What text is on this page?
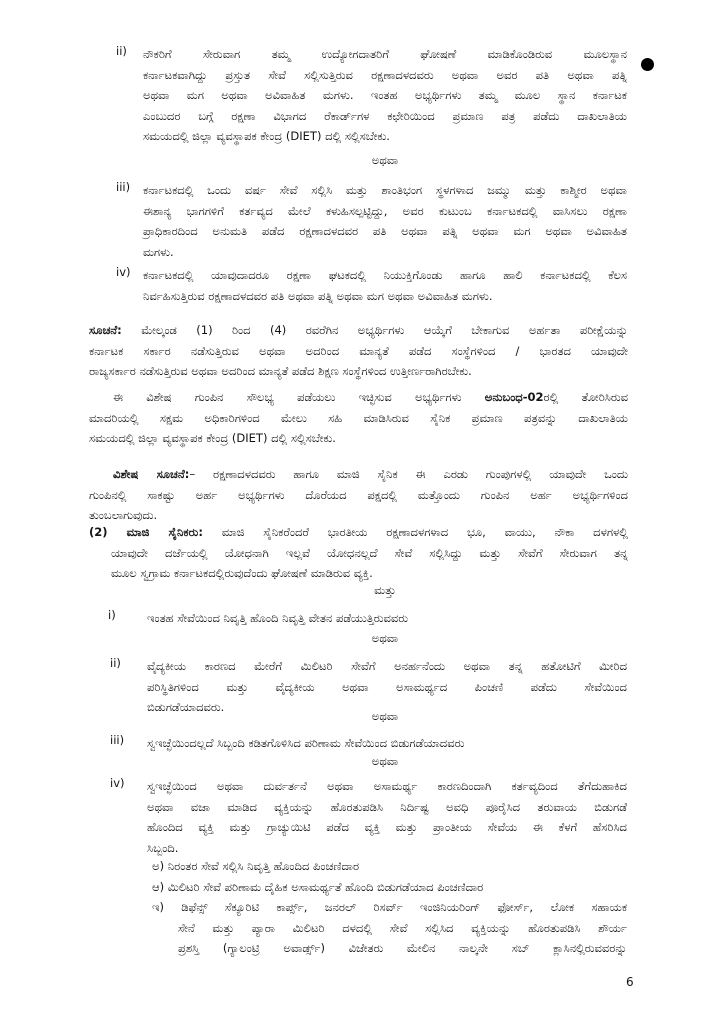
ii) ನೌಕರಿಗೆ ಸೇರುವಾಗ ತಮ್ಮ ಉದ್ಯೋಗದಾತರಿಗೆ ಘೋಷಣೆ ಮಾಡಿಕೊಂಡಿರುವ ಮೂಲಸ್ಥಾನ
ಕರ್ನಾಟಕವಾಗಿದ್ದು ಪ್ರಸ್ತುತ ಸೇವೆ ಸಲ್ಲಿಸುತ್ತಿರುವ ರಕ್ಷಣಾದಳದವರು ಅಥವಾ ಅವರ ಪತಿ ಅಥವಾ ಪತ್ನಿ
ಅಥವಾ ಮಗ ಅಥವಾ ಅವಿವಾಹಿತ ಮಗಳು. ಇಂತಹ ಅಭ್ಯರ್ಥಿಗಳು ತಮ್ಮ ಮೂಲ ಸ್ಥಾನ ಕರ್ನಾಟಕ
ಎಂಬುದರ ಬಗ್ಗೆ ರಕ್ಷಣಾ ವಿಭಾಗದ ರೆಕಾರ್ಡ್‌ಗಳ ಕಛೇರಿಯಿಂದ ಪ್ರಮಾಣ ಪತ್ರ ಪಡೆದು ದಾಖಲಾತಿಯ
ಸಮಯದಲ್ಲಿ ಜಿಲ್ಲಾ ವ್ಯವಸ್ಥಾಪಕ ಕೇಂದ್ರ (DIET) ದಲ್ಲಿ ಸಲ್ಲಿಸಬೇಕು.
ಅಥವಾ
iii) ಕರ್ನಾಟಕದಲ್ಲಿ ಒಂದು ವರ್ಷ ಸೇವೆ ಸಲ್ಲಿಸಿ ಮತ್ತು ಶಾಂತಿಭಂಗ ಸ್ಥಳಗಳಾದ ಜಮ್ಮು ಮತ್ತು ಕಾಶ್ಮೀರ ಅಥವಾ
ಈಶಾನ್ಯ ಭಾಗಗಳಿಗೆ ಕರ್ತವ್ಯದ ಮೇಲೆ ಕಳುಹಿಸಲ್ಪಟ್ಟಿದ್ದು, ಅವರ ಕುಟುಂಬ ಕರ್ನಾಟಕದಲ್ಲಿ ವಾಸಿಸಲು ರಕ್ಷಣಾ
ಪ್ರಾಧಿಕಾರದಿಂದ ಅನುಮತಿ ಪಡೆದ ರಕ್ಷಣಾದಳದವರ ಪತಿ ಅಥವಾ ಪತ್ನಿ ಅಥವಾ ಮಗ ಅಥವಾ ಅವಿವಾಹಿತ
ಮಗಳು.
iv) ಕರ್ನಾಟಕದಲ್ಲಿ ಯಾವುದಾದರೂ ರಕ್ಷಣಾ ಘಟಕದಲ್ಲಿ ನಿಯುಕ್ತಿಗೊಂಡು ಹಾಗೂ ಹಾಲಿ ಕರ್ನಾಟಕದಲ್ಲಿ ಕೆಲಸ
ನಿರ್ವಹಿಸುತ್ತಿರುವ ರಕ್ಷಣಾದಳದವರ ಪತಿ ಅಥವಾ ಪತ್ನಿ ಅಥವಾ ಮಗ ಅಥವಾ ಅವಿವಾಹಿತ ಮಗಳು.
ಸೂಚನೆ: ಮೇಲ್ಕಂಡ (1) ರಿಂದ (4) ರವರೆಗಿನ ಅಭ್ಯರ್ಥಿಗಳು ಆಯ್ಕೆಗೆ ಬೇಕಾಗುವ ಅರ್ಹತಾ ಪರೀಕ್ಷೆಯನ್ನು
ಕರ್ನಾಟಕ ಸರ್ಕಾರ ನಡೆಸುತ್ತಿರುವ ಅಥವಾ ಅದರಿಂದ ಮಾನ್ಯತೆ ಪಡೆದ ಸಂಸ್ಥೆಗಳಿಂದ / ಭಾರತದ ಯಾವುದೇ
ರಾಜ್ಯಸರ್ಕಾರ ನಡೆಸುತ್ತಿರುವ ಅಥವಾ ಅದರಿಂದ ಮಾನ್ಯತೆ ಪಡೆದ ಶಿಕ್ಷಣ ಸಂಸ್ಥೆಗಳಿಂದ ಉತ್ತೀರ್ಣರಾಗಿರಬೇಕು.
ಈ ವಿಶೇಷ ಗುಂಪಿನ ಸೌಲಭ್ಯ ಪಡೆಯಲು ಇಚ್ಛಿಸುವ ಅಭ್ಯರ್ಥಿಗಳು ಅನುಬಂಧ-02ರಲ್ಲಿ ತೋರಿಸಿರುವ
ಮಾದರಿಯಲ್ಲಿ ಸಕ್ಷಮ ಅಧಿಕಾರಿಗಳಿಂದ ಮೇಲು ಸಹಿ ಮಾಡಿಸಿರುವ ಸೈನಿಕ ಪ್ರಮಾಣ ಪತ್ರವನ್ನು ದಾಖಲಾತಿಯ
ಸಮಯದಲ್ಲಿ ಜಿಲ್ಲಾ ವ್ಯವಸ್ಥಾಪಕ ಕೇಂದ್ರ (DIET) ದಲ್ಲಿ ಸಲ್ಲಿಸಬೇಕು.
ವಿಶೇಷ ಸೂಚನೆ:– ರಕ್ಷಣಾದಳದವರು ಹಾಗೂ ಮಾಜಿ ಸೈನಿಕ ಈ ಎರಡು ಗುಂಪುಗಳಲ್ಲಿ ಯಾವುದೇ ಒಂದು
ಗುಂಪಿನಲ್ಲಿ ಸಾಕಷ್ಟು ಅರ್ಹ ಅಭ್ಯರ್ಥಿಗಳು ದೊರೆಯದ ಪಕ್ಷದಲ್ಲಿ ಮತ್ತೊಂದು ಗುಂಪಿನ ಅರ್ಹ ಅಭ್ಯರ್ಥಿಗಳಿಂದ
ತುಂಬಲಾಗುವುದು.
(2) ಮಾಜಿ ಸೈನಿಕರು: ಮಾಜಿ ಸೈನಿಕರೆಂದರೆ ಭಾರತೀಯ ರಕ್ಷಣಾದಳಗಳಾದ ಭೂ, ವಾಯು, ನೌಕಾ ದಳಗಳಲ್ಲಿ
ಯಾವುದೇ ದರ್ಜೆಯಲ್ಲಿ ಯೋಧನಾಗಿ ಇಲ್ಲವೆ ಯೋಧನಲ್ಲದೆ ಸೇವೆ ಸಲ್ಲಿಸಿದ್ದು ಮತ್ತು ಸೇವೆಗೆ ಸೇರುವಾಗ ತನ್ನ
ಮೂಲ ಸ್ವಗ್ರಾಮ ಕರ್ನಾಟಕದಲ್ಲಿರುವುದೆಂದು ಘೋಷಣೆ ಮಾಡಿರುವ ವ್ಯಕ್ತಿ.
ಮತ್ತು
i)	ಇಂತಹ ಸೇವೆಯಿಂದ ನಿವೃತ್ತಿ ಹೊಂದಿ ನಿವೃತ್ತಿ ವೇತನ ಪಡೆಯುತ್ತಿರುವವರು
ಅಥವಾ
ii) ವೈದ್ಯಕೀಯ ಕಾರಣದ ಮೇರೆಗೆ ಮಿಲಿಟರಿ ಸೇವೆಗೆ ಅನರ್ಹನೆಂದು ಅಥವಾ ತನ್ನ ಹತೋಟಿಗೆ ಮೀರಿದ
ಪರಿಸ್ಥಿತಿಗಳಿಂದ ಮತ್ತು ವೈದ್ಯಕೀಯ ಅಥವಾ ಅಸಾಮರ್ಥ್ಯದ ಪಿಂಚಣಿ ಪಡೆದು ಸೇವೆಯಿಂದ
ಬಿಡುಗಡೆಯಾದವರು.
ಅಥವಾ
iii) ಸ್ವಇಚ್ಛೆಯಿಂದಲ್ಲದೆ ಸಿಬ್ಬಂದಿ ಕಡಿತಗೊಳಿಸಿದ ಪರಿಣಾಮ ಸೇವೆಯಿಂದ ಬಿಡುಗಡೆಯಾದವರು
ಅಥವಾ
iv) ಸ್ವಇಚ್ಛೆಯಿಂದ ಅಥವಾ ದುರ್ವರ್ತನೆ ಅಥವಾ ಅಸಾಮರ್ಥ್ಯ ಕಾರಣದಿಂದಾಗಿ ಕರ್ತವ್ಯದಿಂದ ತೆಗೆದುಹಾಕಿದ
ಅಥವಾ ವಜಾ ಮಾಡಿದ ವ್ಯಕ್ತಿಯನ್ನು ಹೊರತುಪಡಿಸಿ ನಿರ್ದಿಷ್ಟ ಅವಧಿ ಪೂರೈಸಿದ ತರುವಾಯ ಬಿಡುಗಡೆ
ಹೊಂದಿದ ವ್ಯಕ್ತಿ ಮತ್ತು ಗ್ರಾಚ್ಯುಯಿಟಿ ಪಡೆದ ವ್ಯಕ್ತಿ ಮತ್ತು ಪ್ರಾಂತೀಯ ಸೇವೆಯ ಈ ಕೆಳಗೆ ಹೆಸರಿಸಿದ
ಸಿಬ್ಬಂದಿ.
ಅ) ನಿರಂತರ ಸೇವೆ ಸಲ್ಲಿಸಿ ನಿವೃತ್ತಿ ಹೊಂದಿದ ಪಿಂಚಣಿದಾರ
ಆ) ಮಿಲಿಟರಿ ಸೇವೆ ಪರಿಣಾಮ ದೈಹಿಕ ಅಸಾಮರ್ಥ್ಯತೆ ಹೊಂದಿ ಬಿಡುಗಡೆಯಾದ ಪಿಂಚಣಿದಾರ
ಇ) ಡಿಫೆನ್ಸ್ ಸೆಕ್ಯೂರಿಟಿ ಕಾರ್ಪ್ಸ್, ಜನರಲ್ ರಿಸರ್ವ್ ಇಂಜಿನಿಯರಿಂಗ್ ಫೋರ್ಸ್, ಲೋಕ ಸಹಾಯಕ
ಸೇನೆ ಮತ್ತು ಪ್ಯಾರಾ ಮಿಲಿಟರಿ ದಳದಲ್ಲಿ ಸೇವೆ ಸಲ್ಲಿಸಿದ ವ್ಯಕ್ತಿಯನ್ನು ಹೊರತುಪಡಿಸಿ ಶೌರ್ಯ
ಪ್ರಶಸ್ತಿ (ಗ್ಯಾಲಂಟ್ರಿ ಅವಾರ್ಡ್ಸ್) ವಿಜೇತರು ಮೇಲಿನ ನಾಲ್ಕನೇ ಸಬ್ ಕ್ಲಾಸಿನಲ್ಲಿರುವವರನ್ನು
6
